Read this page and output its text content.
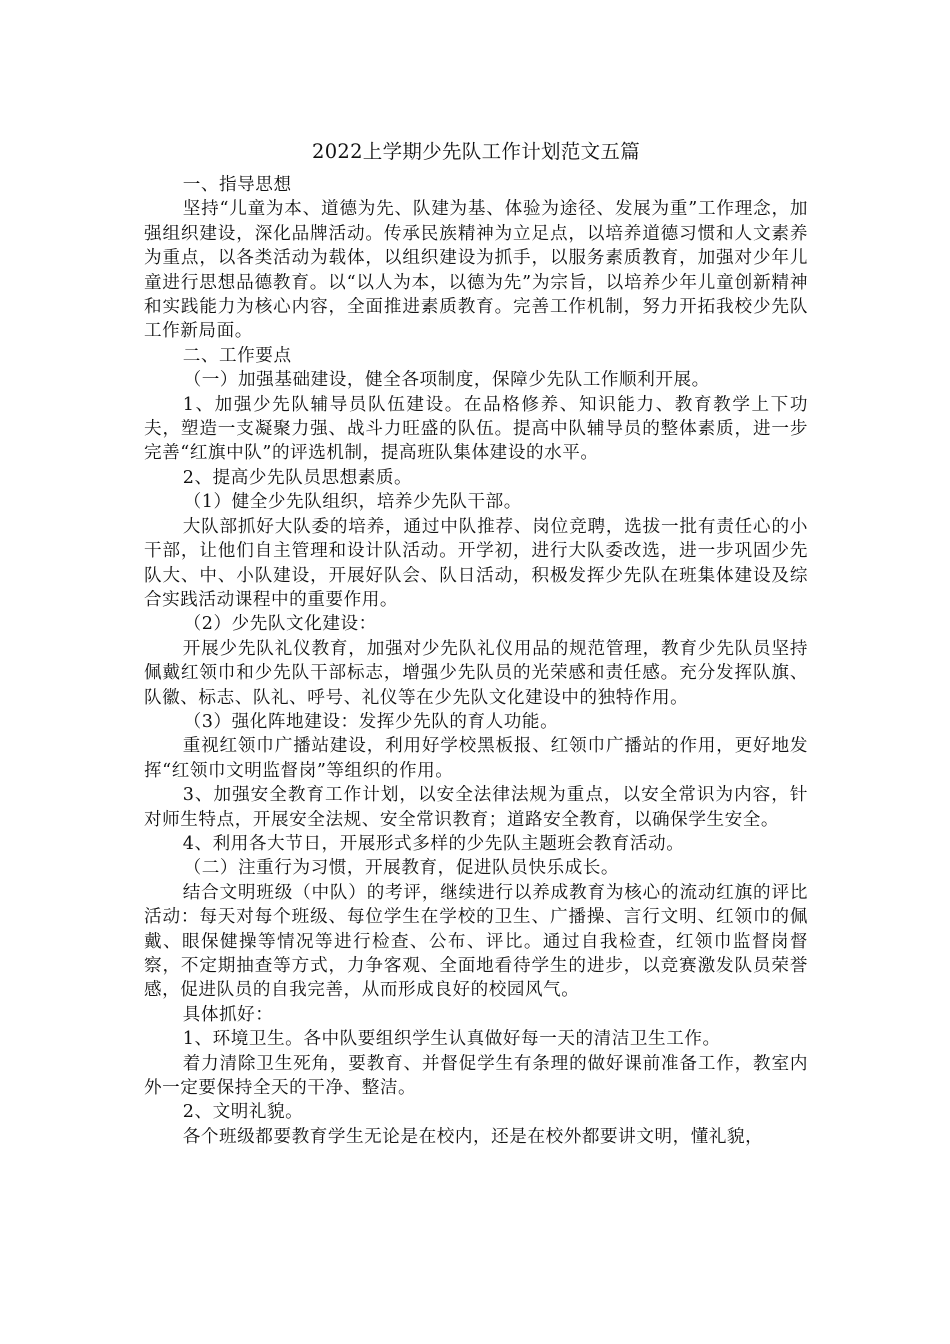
2022上学期少先队工作计划范文五篇

一、指导思想

坚持“儿童为本、道德为先、队建为基、体验为途径、发展为重”工作理念，加强组织建设，深化品牌活动。传承民族精神为立足点，以培养道德习惯和人文素养为重点，以各类活动为载体，以组织建设为抓手，以服务素质教育，加强对少年儿童进行思想品德教育。以“以人为本，以德为先”为宗旨，以培养少年儿童创新精神和实践能力为核心内容，全面推进素质教育。完善工作机制，努力开拓我校少先队工作新局面。

二、工作要点

（一）加强基础建设，健全各项制度，保障少先队工作顺利开展。

1、加强少先队辅导员队伍建设。在品格修养、知识能力、教育教学上下功夫，塑造一支凝聚力强、战斗力旺盛的队伍。提高中队辅导员的整体素质，进一步完善“红旗中队”的评选机制，提高班队集体建设的水平。

2、提高少先队员思想素质。

（1）健全少先队组织，培养少先队干部。

大队部抓好大队委的培养，通过中队推荐、岗位竞聘，选拔一批有责任心的小干部，让他们自主管理和设计队活动。开学初，进行大队委改选，进一步巩固少先队大、中、小队建设，开展好队会、队日活动，积极发挥少先队在班集体建设及综合实践活动课程中的重要作用。

（2）少先队文化建设：

开展少先队礼仪教育，加强对少先队礼仪用品的规范管理，教育少先队员坚持佩戴红领巾和少先队干部标志，增强少先队员的光荣感和责任感。充分发挥队旗、队徽、标志、队礼、呼号、礼仪等在少先队文化建设中的独特作用。

（3）强化阵地建设：发挥少先队的育人功能。

重视红领巾广播站建设，利用好学校黑板报、红领巾广播站的作用，更好地发挥“红领巾文明监督岗”等组织的作用。

3、加强安全教育工作计划，以安全法律法规为重点，以安全常识为内容，针对师生特点，开展安全法规、安全常识教育；道路安全教育，以确保学生安全。

4、利用各大节日，开展形式多样的少先队主题班会教育活动。

（二）注重行为习惯，开展教育，促进队员快乐成长。

结合文明班级（中队）的考评，继续进行以养成教育为核心的流动红旗的评比活动：每天对每个班级、每位学生在学校的卫生、广播操、言行文明、红领巾的佩戴、眼保健操等情况等进行检查、公布、评比。通过自我检查，红领巾监督岗督察，不定期抽查等方式，力争客观、全面地看待学生的进步，以竞赛激发队员荣誉感，促进队员的自我完善，从而形成良好的校园风气。

具体抓好：

1、环境卫生。各中队要组织学生认真做好每一天的清洁卫生工作。

着力清除卫生死角，要教育、并督促学生有条理的做好课前准备工作，教室内外一定要保持全天的干净、整洁。

2、文明礼貌。

各个班级都要教育学生无论是在校内，还是在校外都要讲文明，懂礼貌，
